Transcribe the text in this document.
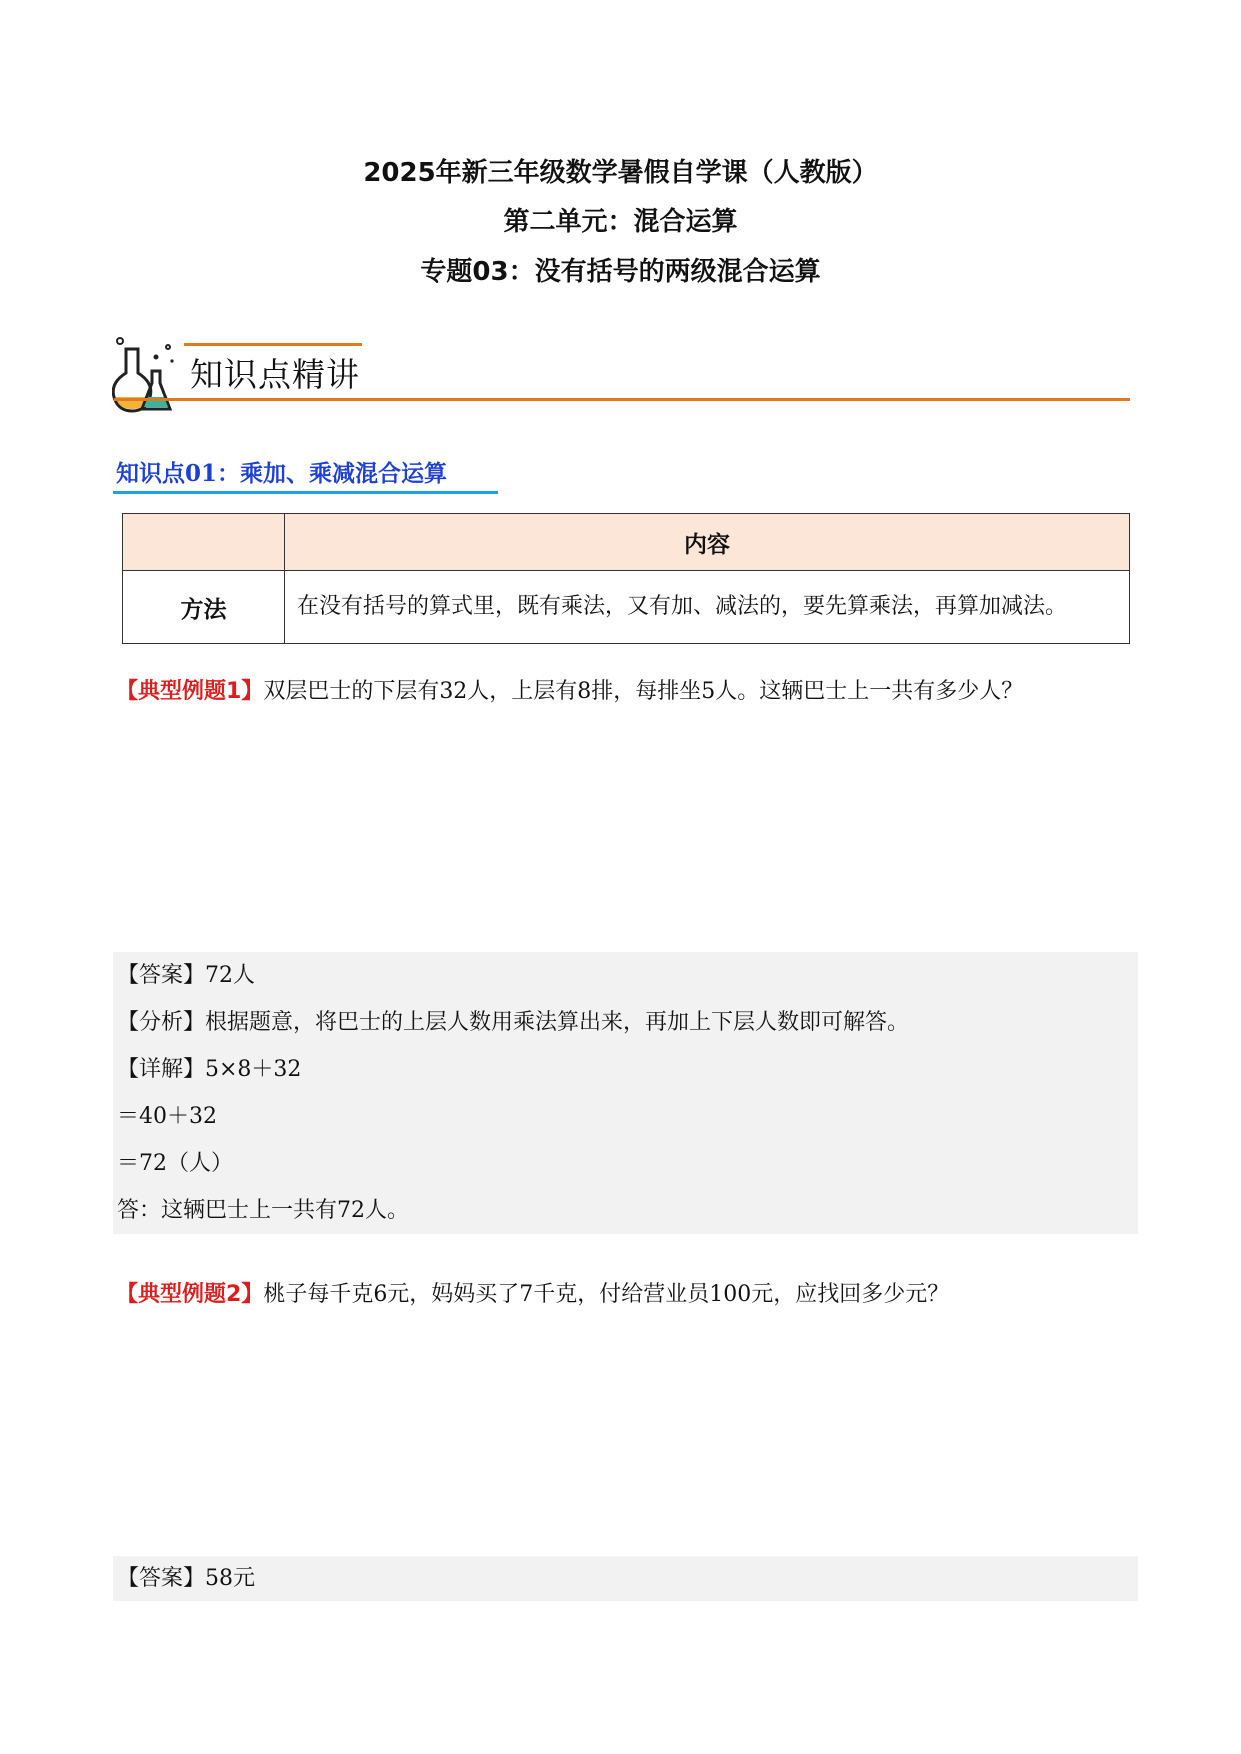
2025年新三年级数学暑假自学课（人教版）
第二单元：混合运算
专题03：没有括号的两级混合运算
知识点精讲
知识点01：乘加、乘减混合运算
	内容
方法	在没有括号的算式里，既有乘法，又有加、减法的，要先算乘法，再算加减法。
【典型例题1】双层巴士的下层有32人，上层有8排，每排坐5人。这辆巴士上一共有多少人？
【答案】72人
【分析】根据题意，将巴士的上层人数用乘法算出来，再加上下层人数即可解答。
【详解】5×8＋32
＝40＋32
＝72（人）
答：这辆巴士上一共有72人。
【典型例题2】桃子每千克6元，妈妈买了7千克，付给营业员100元，应找回多少元？
【答案】58元
